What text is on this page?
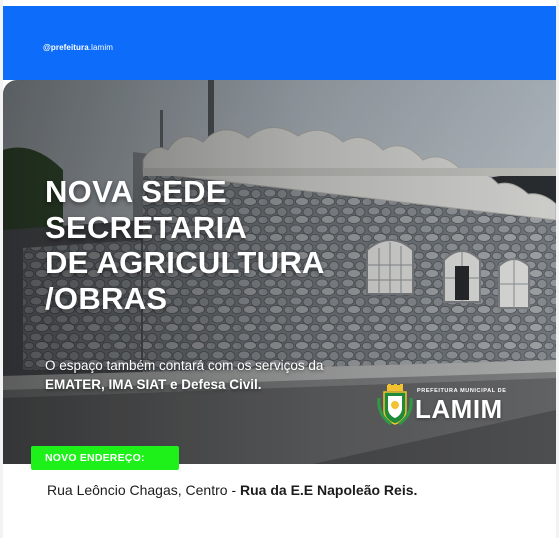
@prefeitura.lamim
NOVA SEDE
SECRETARIA
DE AGRICULTURA
/OBRAS
O espaço também contará com os serviços da EMATER, IMA SIAT e Defesa Civil.	PREFEITURA MUNICIPAL DE
LAMIM
NOVO ENDEREÇO:
Rua Leôncio Chagas, Centro - Rua da E.E Napoleão Reis.
